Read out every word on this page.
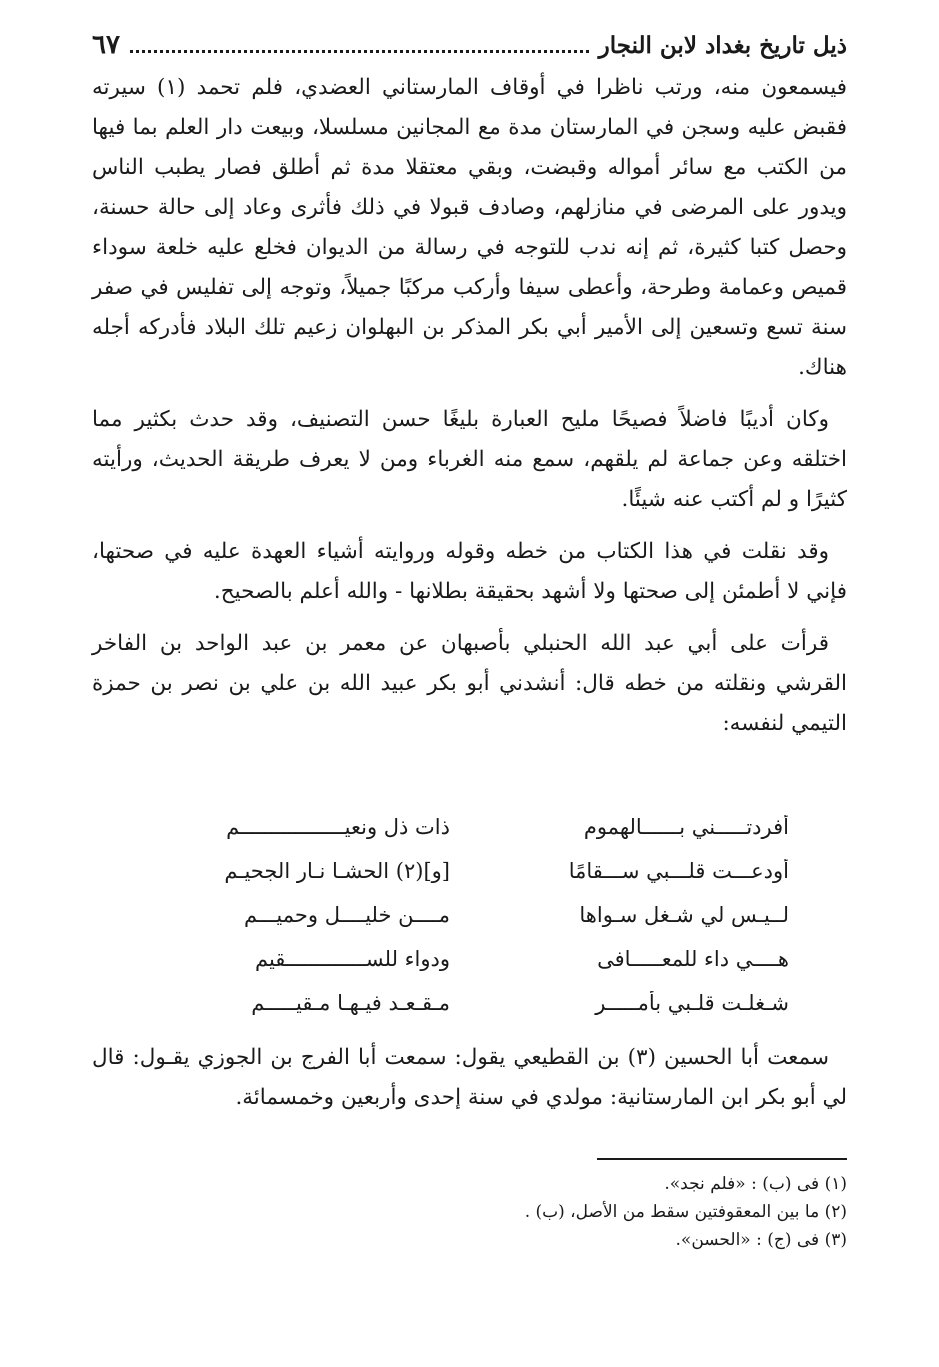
ذيل تاريخ بغداد لابن النجار
٦٧

فيسمعون منه، ورتب ناظرا في أوقاف المارستاني العضدي، فلم تحمد (١) سيرته فقبض عليه وسجن في المارستان مدة مع المجانين مسلسلا، وبيعت دار العلم بما فيها من الكتب مع سائر أمواله وقبضت، وبقي معتقلا مدة ثم أطلق فصار يطبب الناس ويدور على المرضى في منازلهم، وصادف قبولا في ذلك فأثرى وعاد إلى حالة حسنة، وحصل كتبا كثيرة، ثم إنه ندب للتوجه في رسالة من الديوان فخلع عليه خلعة سوداء قميص وعمامة وطرحة، وأعطى سيفا وأركب مركبًا جميلاً، وتوجه إلى تفليس في صفر سنة تسع وتسعين إلى الأمير أبي بكر المذكر بن البهلوان زعيم تلك البلاد فأدركه أجله هناك.

وكان أديبًا فاضلاً فصيحًا مليح العبارة بليغًا حسن التصنيف، وقد حدث بكثير مما اختلقه وعن جماعة لم يلقهم، سمع منه الغرباء ومن لا يعرف طريقة الحديث، ورأيته كثيرًا و لم أكتب عنه شيئًا.

وقد نقلت في هذا الكتاب من خطه وقوله وروايته أشياء العهدة عليه في صحتها، فإني لا أطمئن إلى صحتها ولا أشهد بحقيقة بطلانها - والله أعلم بالصحيح.

قرأت على أبي عبد الله الحنبلي بأصبهان عن معمر بن عبد الواحد بن الفاخر القرشي ونقلته من خطه قال: أنشدني أبو بكر عبيد الله بن علي بن نصر بن حمزة التيمي لنفسه:

أفردتـــــني بــــــالهموم
ذات ذل ونعيـــــــــــــــــم
أودعـــت قلـــبي ســـقامًا
[و](٢) الحشـا نـار الجحيـم
لــيـس لي شـغل سـواها
مــــن خليــــل وحميـــم
هــــي داء للمعـــــافى
ودواء للســـــــــــــقيم
شـغلـت قلـبي بأمـــــر
مـقـعـد فيـهـا مـقيـــــم

سمعت أبا الحسين (٣) بن القطيعي يقول: سمعت أبا الفرج بن الجوزي يقـول: قال لي أبو بكر ابن المارستانية: مولدي في سنة إحدى وأربعين وخمسمائة.

(١) فى (ب) : «فلم نجد».
(٢) ما بين المعقوفتين سقط من الأصل، (ب) .
(٣) فى (ج) : «الحسن».
